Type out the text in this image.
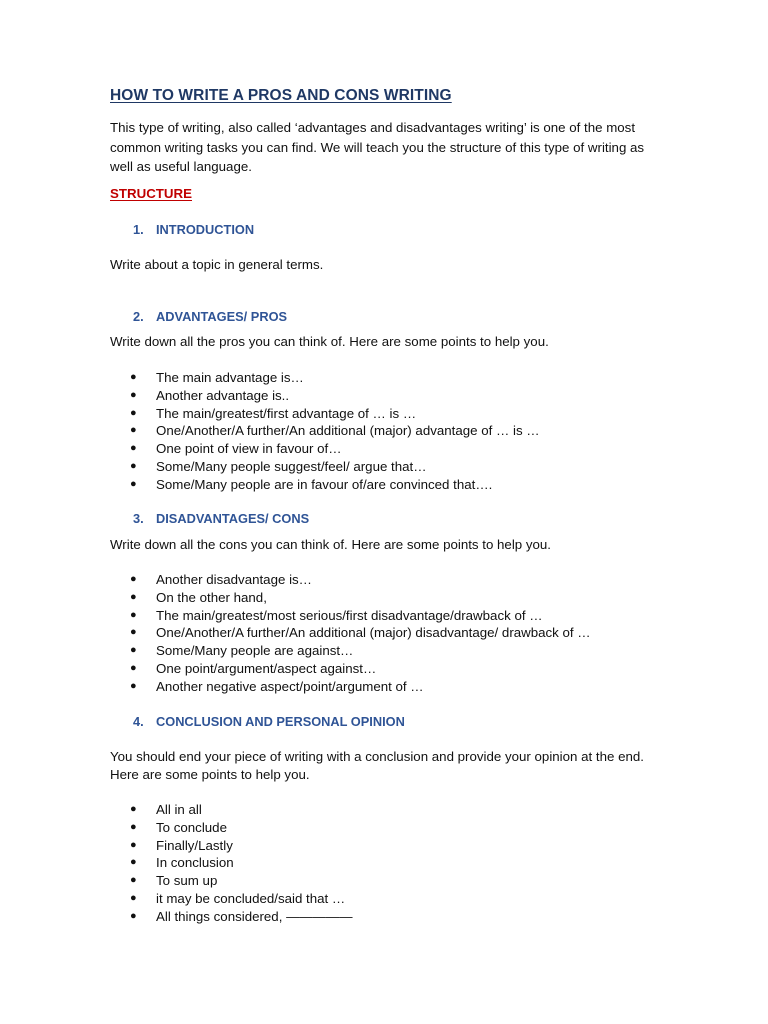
HOW TO WRITE A PROS AND CONS WRITING
This type of writing, also called ‘advantages and disadvantages writing’ is one of the most common writing tasks you can find. We will teach you the structure of this type of writing as well as useful language.
STRUCTURE
1. INTRODUCTION
Write about a topic in general terms.
2. ADVANTAGES/ PROS
Write down all the pros you can think of. Here are some points to help you.
● The main advantage is…
● Another advantage is..
● The main/greatest/first advantage of … is …
● One/Another/A further/An additional (major) advantage of … is …
● One point of view in favour of…
● Some/Many people suggest/feel/ argue that…
● Some/Many people are in favour of/are convinced that….
3. DISADVANTAGES/ CONS
Write down all the cons you can think of. Here are some points to help you.
● Another disadvantage is…
● On the other hand,
● The main/greatest/most serious/first disadvantage/drawback of …
● One/Another/A further/An additional (major) disadvantage/ drawback of …
● Some/Many people are against…
● One point/argument/aspect against…
● Another negative aspect/point/argument of …
4. CONCLUSION AND PERSONAL OPINION
You should end your piece of writing with a conclusion and provide your opinion at the end. Here are some points to help you.
● All in all
● To conclude
● Finally/Lastly
● In conclusion
● To sum up
● it may be concluded/said that …
● All things considered, —————
